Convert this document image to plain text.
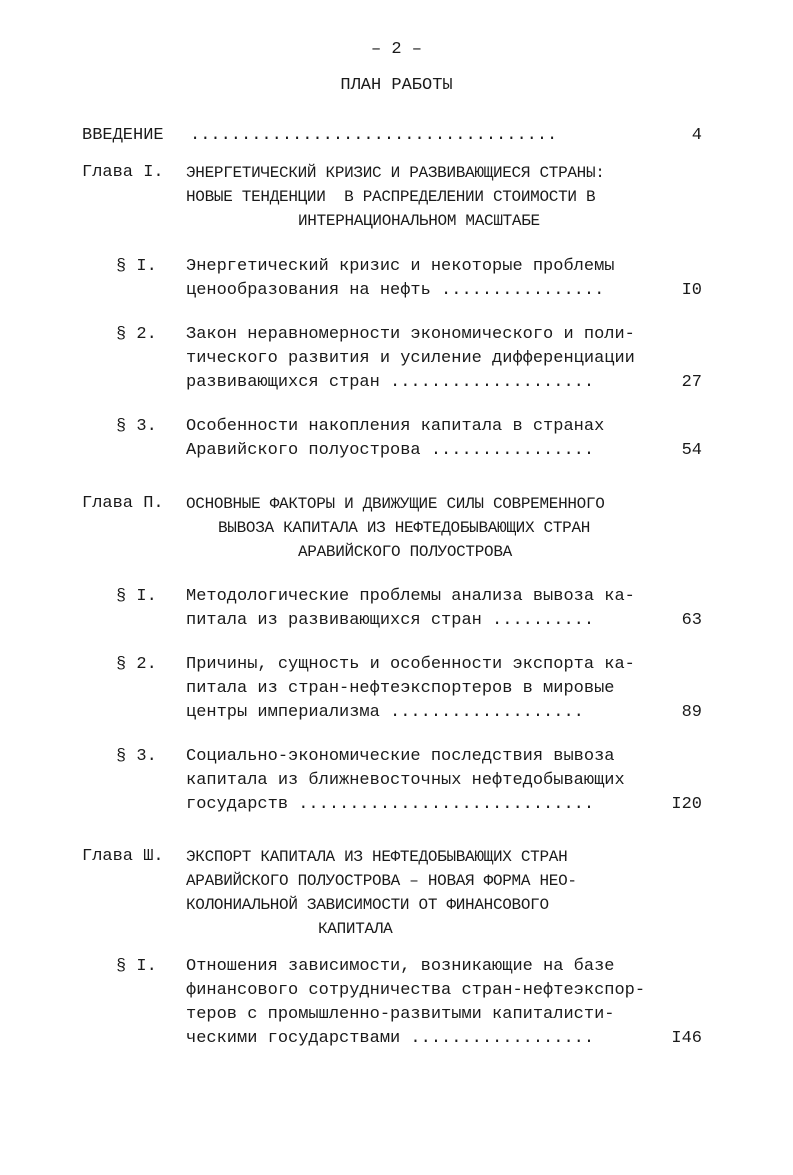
– 2 –
ПЛАН РАБОТЫ
ВВЕДЕНИЕ ....................................	4
Глава I. ЭНЕРГЕТИЧЕСКИЙ КРИЗИС И РАЗВИВАЮЩИЕСЯ СТРАНЫ:
НОВЫЕ ТЕНДЕНЦИИ  В РАСПРЕДЕЛЕНИИ СТОИМОСТИ В
ИНТЕРНАЦИОНАЛЬНОМ МАСШТАБЕ
§ I. Энергетический кризис и некоторые проблемы
ценообразования на нефть ................	I0
§ 2. Закон неравномерности экономического и поли-
тического развития и усиление дифференциации
развивающихся стран ....................	27
§ 3. Особенности накопления капитала в странах
Аравийского полуострова ................	54
Глава П. ОСНОВНЫЕ ФАКТОРЫ И ДВИЖУЩИЕ СИЛЫ СОВРЕМЕННОГО
ВЫВОЗА КАПИТАЛА ИЗ НЕФТЕДОБЫВАЮЩИХ СТРАН
АРАВИЙСКОГО ПОЛУОСТРОВА
§ I. Методологические проблемы анализа вывоза ка-
питала из развивающихся стран ..........	63
§ 2. Причины, сущность и особенности экспорта ка-
питала из стран-нефтеэкспортеров в мировые
центры империализма ...................	89
§ 3. Социально-экономические последствия вывоза
капитала из ближневосточных нефтедобывающих
государств .............................	I20
Глава Ш. ЭКСПОРТ КАПИТАЛА ИЗ НЕФТЕДОБЫВАЮЩИХ СТРАН
АРАВИЙСКОГО ПОЛУОСТРОВА – НОВАЯ ФОРМА НЕО-
КОЛОНИАЛЬНОЙ ЗАВИСИМОСТИ ОТ ФИНАНСОВОГО
КАПИТАЛА
§ I. Отношения зависимости, возникающие на базе
финансового сотрудничества стран-нефтеэкспор-
теров с промышленно-развитыми капиталисти-
ческими государствами ..................	I46
